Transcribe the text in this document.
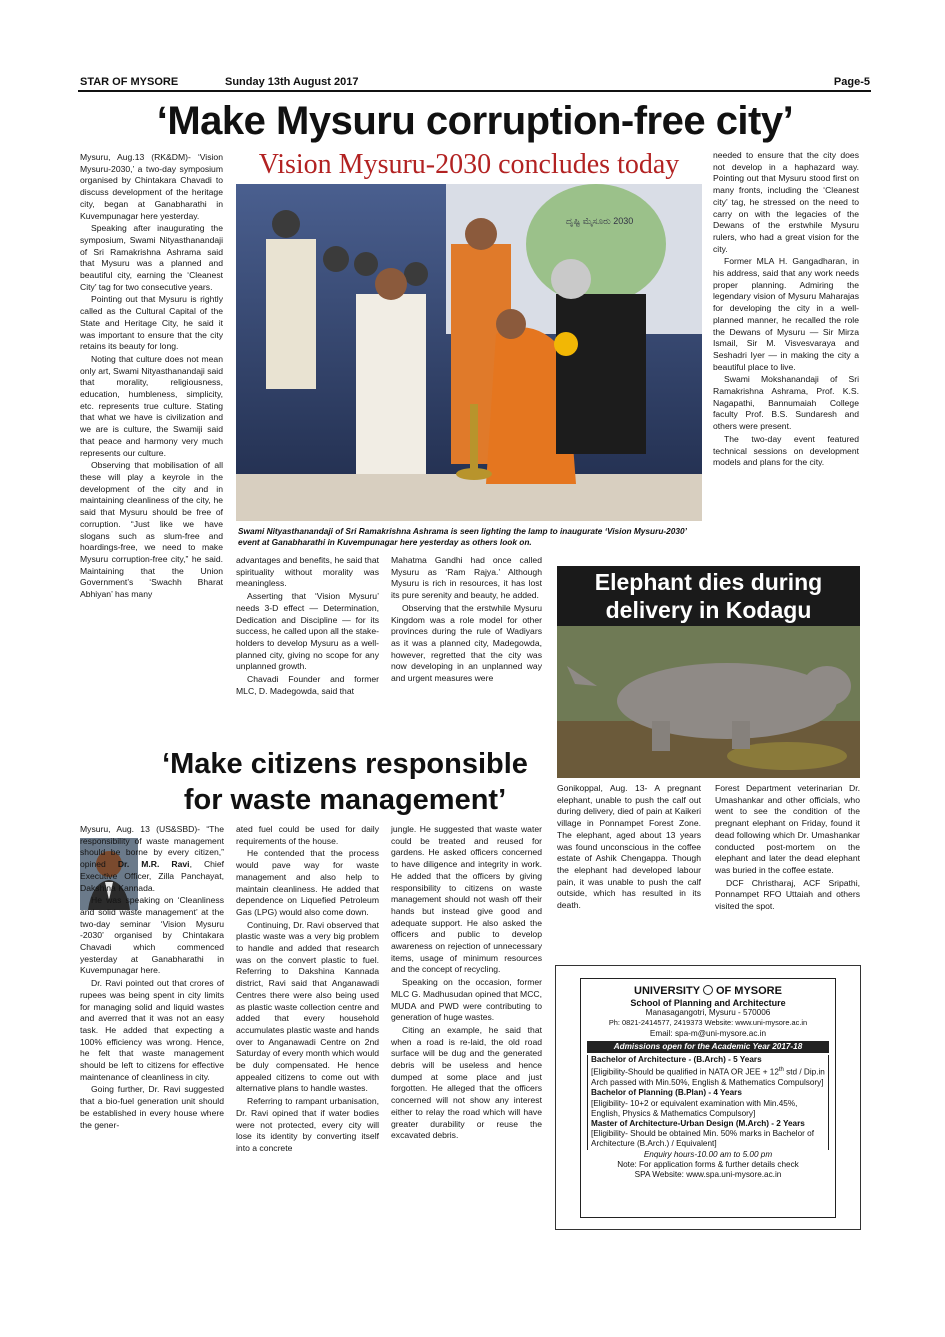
STAR OF MYSORE	Sunday 13th August 2017	Page-5
‘Make Mysuru corruption-free city’

Mysuru, Aug.13 (RK&DM)- ‘Vision Mysuru-2030,’ a two-day symposium organised by Chintakara Chavadi to discuss development of the heritage city, began at Ganabharathi in Kuvempunagar here yesterday.

Speaking after inaugurating the symposium, Swami Nityasthanandaji of Sri Ramakrishna Ashrama said that Mysuru was a planned and beautiful city, earning the ‘Cleanest City’ tag for two consecutive years.

Pointing out that Mysuru is rightly called as the Cultural Capital of the State and Heritage City, he said it was important to ensure that the city retains its beauty for long.

Noting that culture does not mean only art, Swami Nityasthanandaji said that morality, religiousness, education, humbleness, simplicity, etc. represents true culture. Stating that what we have is civilization and we are is culture, the Swamiji said that peace and harmony very much represents our culture.

Observing that mobilisation of all these will play a keyrole in the development of the city and in maintaining cleanliness of the city, he said that Mysuru should be free of corruption. “Just like we have slogans such as slum-free and hoardings-free, we need to make Mysuru corruption-free city,” he said. Maintaining that the Union Government’s ‘Swachh Bharat Abhiyan’ has many

Vision Mysuru-2030 concludes today
ದೃಷ್ಟಿ ಮೈಸೂರು 2030
Swami Nityasthanandaji of Sri Ramakrishna Ashrama is seen lighting the lamp to inaugurate ‘Vision Mysuru-2030’ event at Ganabharathi in Kuvempunagar here yesterday as others look on.

advantages and benefits, he said that spirituality without morality was meaningless.

Asserting that ‘Vision Mysuru’ needs 3-D effect — Determination, Dedication and Discipline — for its success, he called upon all the stake-holders to develop Mysuru as a well-planned city, giving no scope for any unplanned growth.

Chavadi Founder and former MLC, D. Madegowda, said that

Mahatma Gandhi had once called Mysuru as ‘Ram Rajya.’ Although Mysuru is rich in resources, it has lost its pure serenity and beauty, he added.

Observing that the erstwhile Mysuru Kingdom was a role model for other provinces during the rule of Wadiyars as it was a planned city, Madegowda, however, regretted that the city was now developing in an unplanned way and urgent measures were

needed to ensure that the city does not develop in a haphazard way. Pointing out that Mysuru stood first on many fronts, including the ‘Cleanest city’ tag, he stressed on the need to carry on with the legacies of the Dewans of the erstwhile Mysuru rulers, who had a great vision for the city.

Former MLA H. Gangadharan, in his address, said that any work needs proper planning. Admiring the legendary vision of Mysuru Maharajas for developing the city in a well-planned manner, he recalled the role the Dewans of Mysuru — Sir Mirza Ismail, Sir M. Visvesvaraya and Seshadri Iyer — in making the city a beautiful place to live.

Swami Mokshanandaji of Sri Ramakrishna Ashrama, Prof. K.S. Nagapathi, Bannumaiah College faculty Prof. B.S. Sundaresh and others were present.

The two-day event featured technical sessions on development models and plans for the city.

‘Make citizens responsible
for waste management’

Mysuru, Aug. 13 (US&SBD)- “The responsibility of waste management should be borne by every citizen,” opined Dr. M.R. Ravi, Chief Executive Officer, Zilla Panchayat, Dakshina Kannada.

He was speaking on ‘Cleanliness and solid waste management’ at the two-day seminar ‘Vision Mysuru -2030’ organised by Chintakara Chavadi which commenced yesterday at Ganabharathi in Kuvempunagar here.

Dr. Ravi pointed out that crores of rupees was being spent in city limits for managing solid and liquid wastes and averred that it was not an easy task. He added that expecting a 100% efficiency was wrong. Hence, he felt that waste management should be left to citizens for effective maintenance of cleanliness in city.

Going further, Dr. Ravi suggested that a bio-fuel generation unit should be established in every house where the gener-

ated fuel could be used for daily requirements of the house.

He contended that the process would pave way for waste management and also help to maintain cleanliness. He added that dependence on Liquefied Petroleum Gas (LPG) would also come down.

Continuing, Dr. Ravi observed that plastic waste was a very big problem to handle and added that research was on the convert plastic to fuel. Referring to Dakshina Kannada district, Ravi said that Anganawadi Centres there were also being used as plastic waste collection centre and added that every household accumulates plastic waste and hands over to Anganawadi Centre on 2nd Saturday of every month which would be duly compensated. He hence appealed citizens to come out with alternative plans to handle wastes.

Referring to rampant urbanisation, Dr. Ravi opined that if water bodies were not protected, every city will lose its identity by converting itself into a concrete

jungle. He suggested that waste water could be treated and reused for gardens. He asked officers concerned to have diligence and integrity in work. He added that the officers by giving responsibility to citizens on waste management should not wash off their hands but instead give good and adequate support. He also asked the officers and public to develop awareness on rejection of unnecessary items, usage of minimum resources and the concept of recycling.

Speaking on the occasion, former MLC G. Madhusudan opined that MCC, MUDA and PWD were contributing to generation of huge wastes.

Citing an example, he said that when a road is re-laid, the old road surface will be dug and the generated debris will be useless and hence dumped at some place and just forgotten. He alleged that the officers concerned will not show any interest either to relay the road which will have greater durability or reuse the excavated debris.

Elephant dies during
delivery in Kodagu

Gonikoppal, Aug. 13- A pregnant elephant, unable to push the calf out during delivery, died of pain at Kaikeri village in Ponnampet Forest Zone. The elephant, aged about 13 years was found unconscious in the coffee estate of Ashik Chengappa. Though the elephant had developed labour pain, it was unable to push the calf outside, which has resulted in its death.

Forest Department veterinarian Dr. Umashankar and other officials, who went to see the condition of the pregnant elephant on Friday, found it dead following which Dr. Umashankar conducted post-mortem on the elephant and later the dead elephant was buried in the coffee estate.

DCF Christharaj, ACF Sripathi, Ponnampet RFO Uttaiah and others visited the spot.

UNIVERSITY OF MYSORE
School of Planning and Architecture
Manasagangotri, Mysuru - 570006
Ph: 0821-2414577, 2419373 Website: www.uni-mysore.ac.in
Email: spa-m@uni-mysore.ac.in
Admissions open for the Academic Year 2017-18
Bachelor of Architecture - (B.Arch) - 5 Years
[Eligibility-Should be qualified in NATA OR JEE + 12th std / Dip.in Arch passed with Min.50%, English & Mathematics Compulsory]
Bachelor of Planning (B.Plan) - 4 Years
[Eligibility- 10+2 or equivalent examination with Min.45%, English, Physics & Mathematics Compulsory]
Master of Architecture-Urban Design (M.Arch) - 2 Years
[Eligibility- Should be obtained Min. 50% marks in Bachelor of Architecture (B.Arch.) / Equivalent]
Enquiry hours-10.00 am to 5.00 pm
Note: For application forms & further details check
SPA Website: www.spa.uni-mysore.ac.in
